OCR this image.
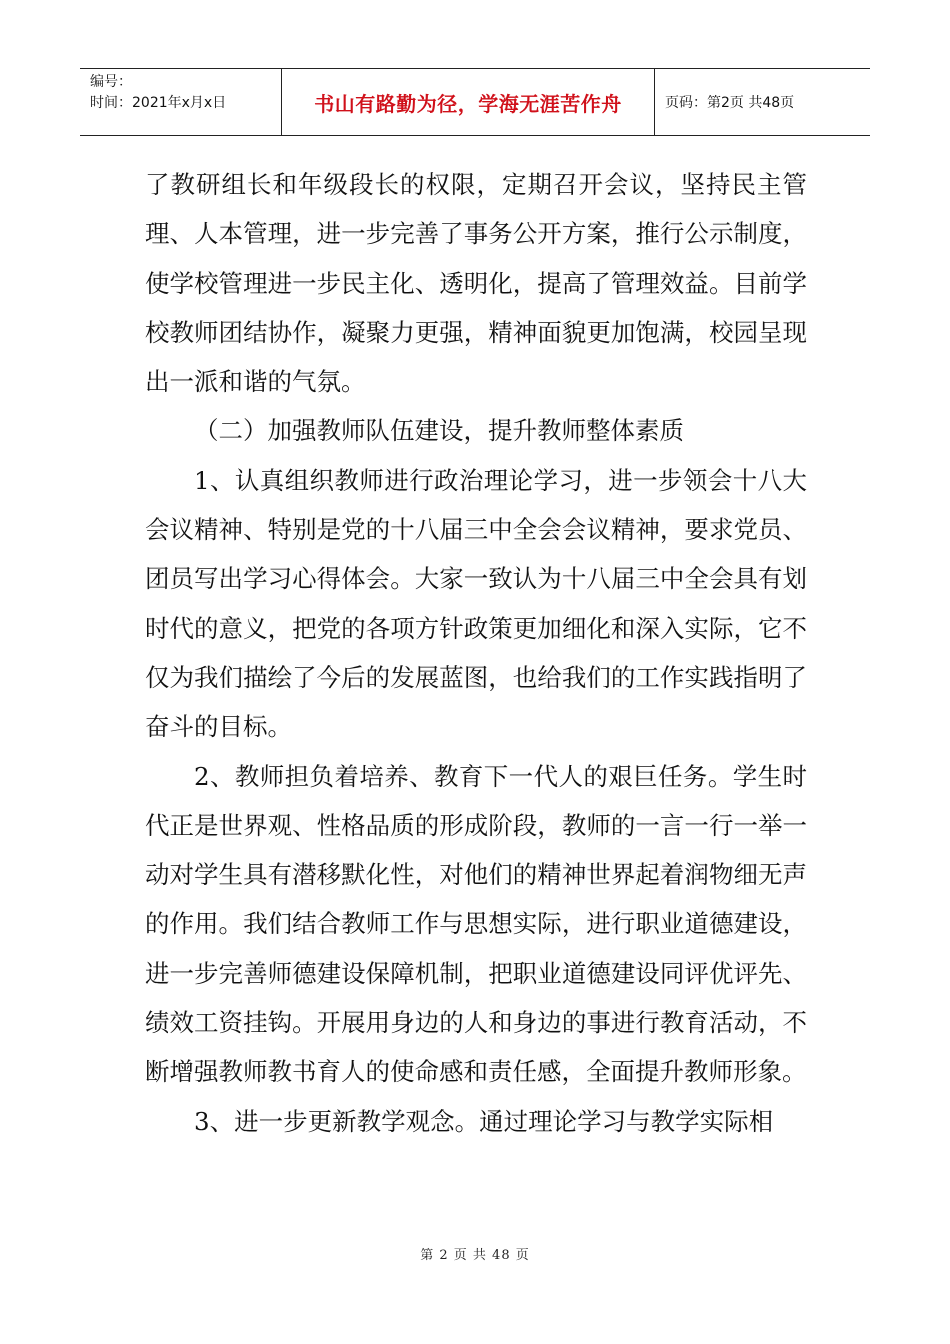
编号：
时间：2021年x月x日	书山有路勤为径，学海无涯苦作舟	页码：第2页 共48页

了教研组长和年级段长的权限，定期召开会议，坚持民主管理、人本管理，进一步完善了事务公开方案，推行公示制度，使学校管理进一步民主化、透明化，提高了管理效益。目前学校教师团结协作，凝聚力更强，精神面貌更加饱满，校园呈现出一派和谐的气氛。

（二）加强教师队伍建设，提升教师整体素质

1、认真组织教师进行政治理论学习，进一步领会十八大会议精神、特别是党的十八届三中全会会议精神，要求党员、团员写出学习心得体会。大家一致认为十八届三中全会具有划时代的意义，把党的各项方针政策更加细化和深入实际，它不仅为我们描绘了今后的发展蓝图，也给我们的工作实践指明了奋斗的目标。

2、教师担负着培养、教育下一代人的艰巨任务。学生时代正是世界观、性格品质的形成阶段，教师的一言一行一举一动对学生具有潜移默化性，对他们的精神世界起着润物细无声的作用。我们结合教师工作与思想实际，进行职业道德建设，进一步完善师德建设保障机制，把职业道德建设同评优评先、绩效工资挂钩。开展用身边的人和身边的事进行教育活动，不断增强教师教书育人的使命感和责任感，全面提升教师形象。

3、进一步更新教学观念。通过理论学习与教学实际相

第 2 页 共 48 页
